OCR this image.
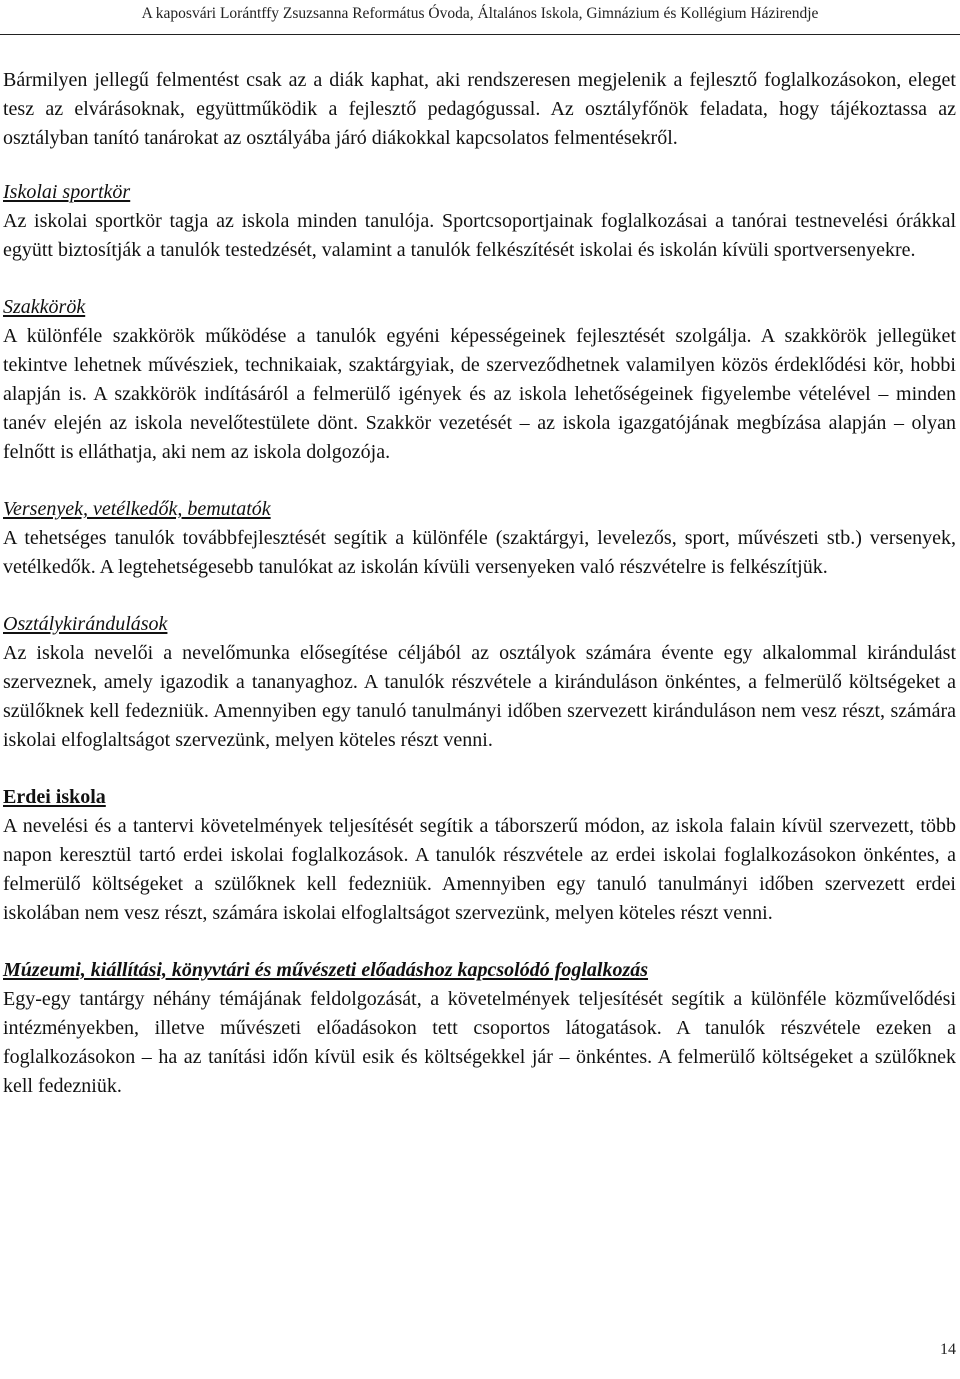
A kaposvári Lorántffy Zsuzsanna Református Óvoda, Általános Iskola, Gimnázium és Kollégium Házirendje

Bármilyen jellegű felmentést csak az a diák kaphat, aki rendszeresen megjelenik a fejlesztő foglalkozásokon, eleget tesz az elvárásoknak, együttműködik a fejlesztő pedagógussal. Az osztályfőnök feladata, hogy tájékoztassa az osztályban tanító tanárokat az osztályába járó diákokkal kapcsolatos felmentésekről.

Iskolai sportkör

Az iskolai sportkör tagja az iskola minden tanulója. Sportcsoportjainak foglalkozásai a tanórai testnevelési órákkal együtt biztosítják a tanulók testedzését, valamint a tanulók felkészítését iskolai és iskolán kívüli sportversenyekre.

Szakkörök

A különféle szakkörök működése a tanulók egyéni képességeinek fejlesztését szolgálja. A szakkörök jellegüket tekintve lehetnek művésziek, technikaiak, szaktárgyiak, de szerveződhetnek valamilyen közös érdeklődési kör, hobbi alapján is. A szakkörök indításáról a felmerülő igények és az iskola lehetőségeinek figyelembe vételével – minden tanév elején az iskola nevelőtestülete dönt. Szakkör vezetését – az iskola igazgatójának megbízása alapján – olyan felnőtt is elláthatja, aki nem az iskola dolgozója.

Versenyek, vetélkedők, bemutatók

A tehetséges tanulók továbbfejlesztését segítik a különféle (szaktárgyi, levelezős, sport, művészeti stb.) versenyek, vetélkedők. A legtehetségesebb tanulókat az iskolán kívüli versenyeken való részvételre is felkészítjük.

Osztálykirándulások

Az iskola nevelői a nevelőmunka elősegítése céljából az osztályok számára évente egy alkalommal kirándulást szerveznek, amely igazodik a tananyaghoz. A tanulók részvétele a kiránduláson önkéntes, a felmerülő költségeket a szülőknek kell fedezniük. Amennyiben egy tanuló tanulmányi időben szervezett kiránduláson nem vesz részt, számára iskolai elfoglaltságot szervezünk, melyen köteles részt venni.

Erdei iskola

A nevelési és a tantervi követelmények teljesítését segítik a táborszerű módon, az iskola falain kívül szervezett, több napon keresztül tartó erdei iskolai foglalkozások. A tanulók részvétele az erdei iskolai foglalkozásokon önkéntes, a felmerülő költségeket a szülőknek kell fedezniük. Amennyiben egy tanuló tanulmányi időben szervezett erdei iskolában nem vesz részt, számára iskolai elfoglaltságot szervezünk, melyen köteles részt venni.

Múzeumi, kiállítási, könyvtári és művészeti előadáshoz kapcsolódó foglalkozás

Egy-egy tantárgy néhány témájának feldolgozását, a követelmények teljesítését segítik a különféle közművelődési intézményekben, illetve művészeti előadásokon tett csoportos látogatások. A tanulók részvétele ezeken a foglalkozásokon – ha az tanítási időn kívül esik és költségekkel jár – önkéntes. A felmerülő költségeket a szülőknek kell fedezniük.

14
